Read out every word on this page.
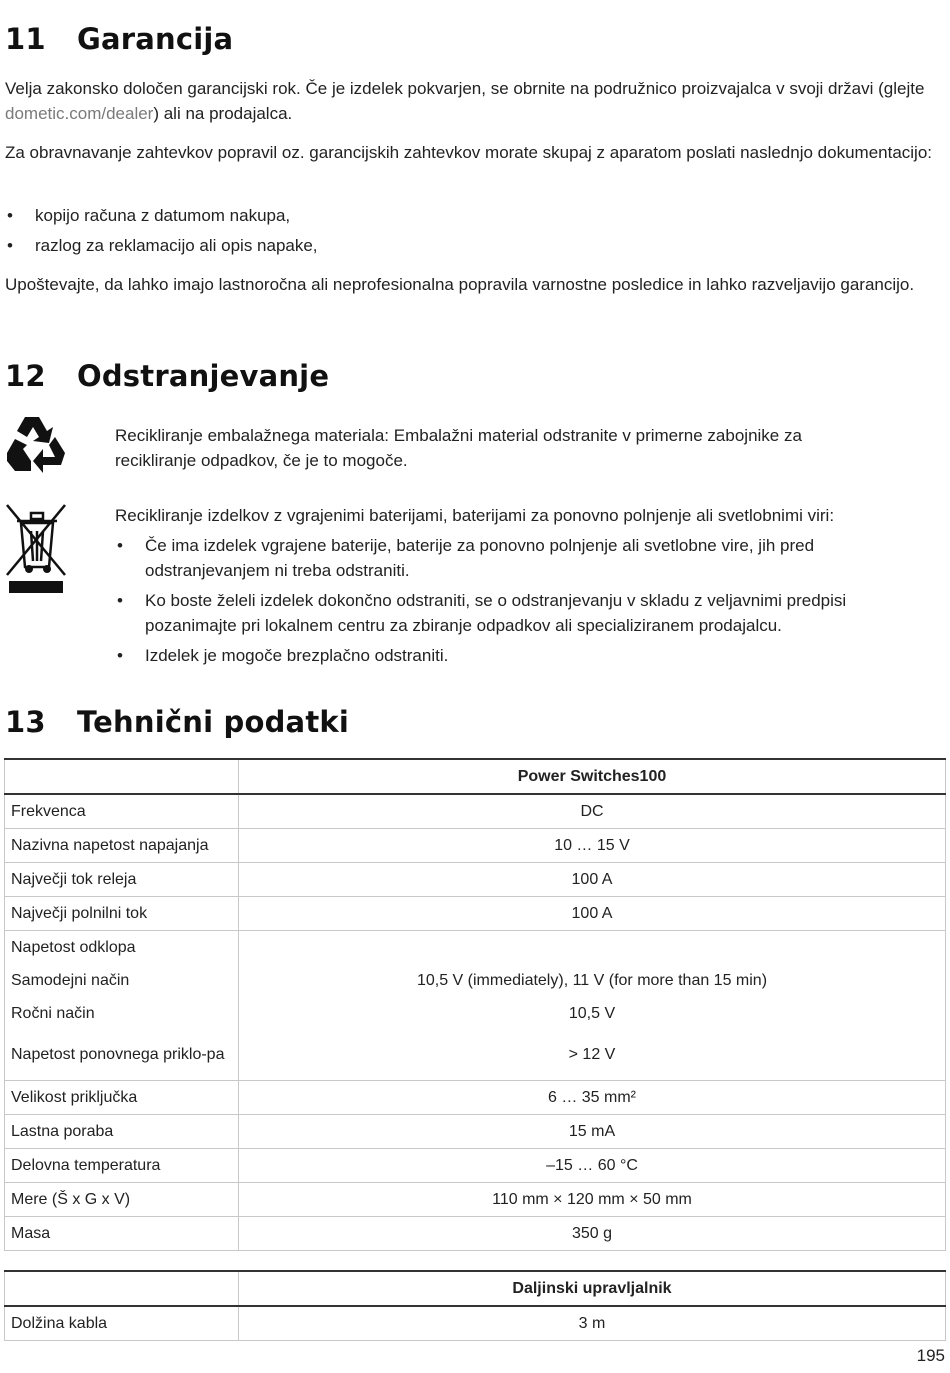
11 Garancija

Velja zakonsko določen garancijski rok. Če je izdelek pokvarjen, se obrnite na podružnico proizvajalca v svoji državi (glejte dometic.com/dealer) ali na prodajalca.

Za obravnavanje zahtevkov popravil oz. garancijskih zahtevkov morate skupaj z aparatom poslati naslednjo dokumentacijo:

• kopijo računa z datumom nakupa,
• razlog za reklamacijo ali opis napake,

Upoštevajte, da lahko imajo lastnoročna ali neprofesionalna popravila varnostne posledice in lahko razveljavijo garancijo.

12 Odstranjevanje

Recikliranje embalažnega materiala: Embalažni material odstranite v primerne zabojnike za recikliranje odpadkov, če je to mogoče.

Recikliranje izdelkov z vgrajenimi baterijami, baterijami za ponovno polnjenje ali svetlobnimi viri:

• Če ima izdelek vgrajene baterije, baterije za ponovno polnjenje ali svetlobne vire, jih pred odstranjevanjem ni treba odstraniti.
• Ko boste želeli izdelek dokončno odstraniti, se o odstranjevanju v skladu z veljavnimi predpisi pozanimajte pri lokalnem centru za zbiranje odpadkov ali specializiranem prodajalcu.
• Izdelek je mogoče brezplačno odstraniti.
13 Tehnični podatki
	Power Switches100
Frekvenca	DC
Nazivna napetost napajanja	10 … 15 V
Največji tok releja	100 A
Največji polnilni tok	100 A
Napetost odklopa	
Samodejni način	10,5 V (immediately), 11 V (for more than 15 min)
Ročni način	10,5 V
Napetost ponovnega priklo-pa	> 12 V
Velikost priključka	6 … 35 mm²
Lastna poraba	15 mA
Delovna temperatura	–15 … 60 °C
Mere (Š x G x V)	110 mm × 120 mm × 50 mm
Masa	350 g
	Daljinski upravljalnik
Dolžina kabla	3 m
195
